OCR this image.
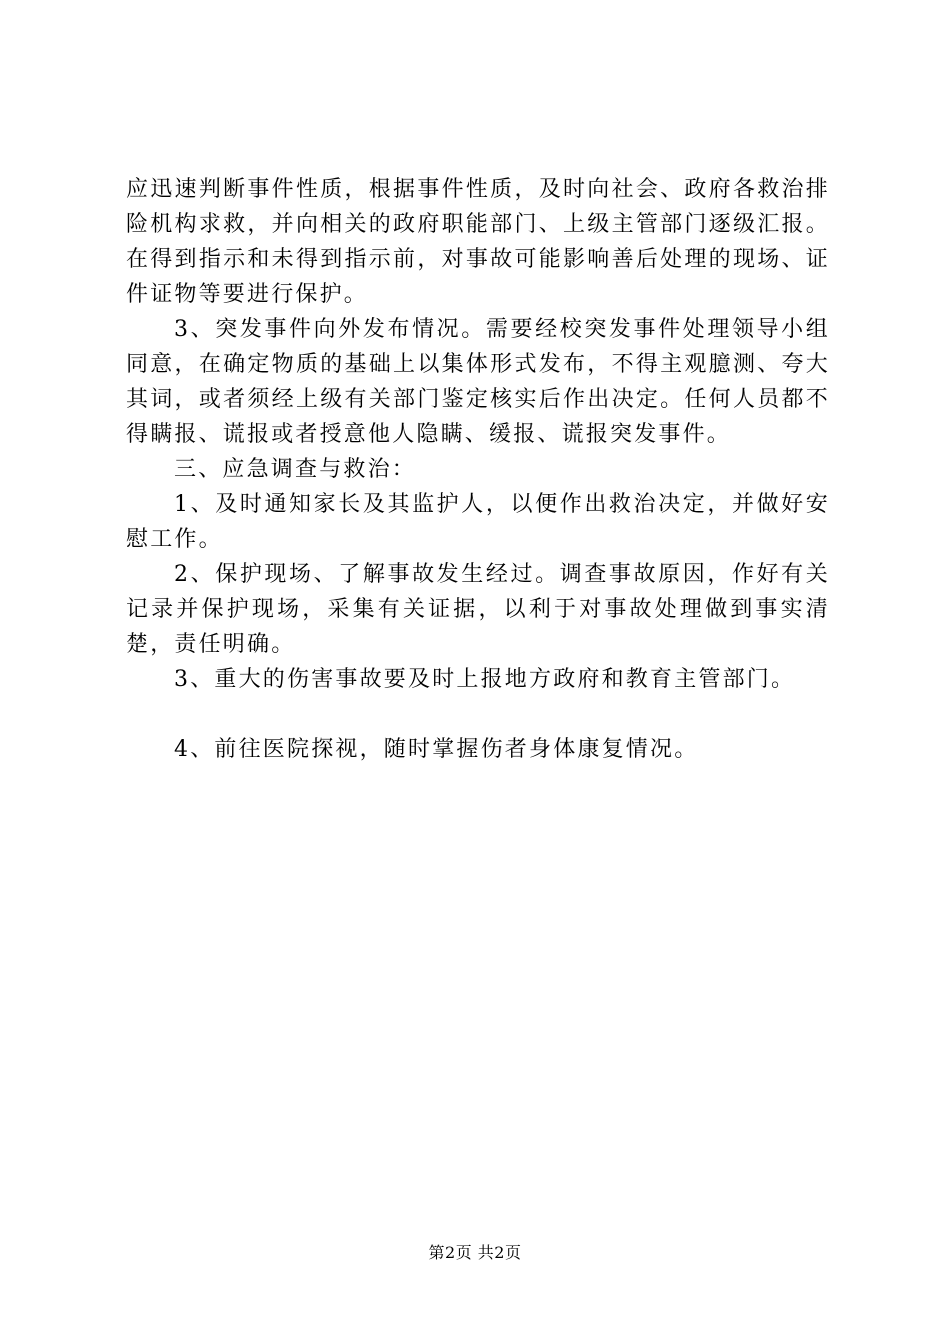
应迅速判断事件性质，根据事件性质，及时向社会、政府各救治排险机构求救，并向相关的政府职能部门、上级主管部门逐级汇报。在得到指示和未得到指示前，对事故可能影响善后处理的现场、证件证物等要进行保护。

3、突发事件向外发布情况。需要经校突发事件处理领导小组同意，在确定物质的基础上以集体形式发布，不得主观臆测、夸大其词，或者须经上级有关部门鉴定核实后作出决定。任何人员都不得瞒报、谎报或者授意他人隐瞒、缓报、谎报突发事件。

三、应急调查与救治：

1、及时通知家长及其监护人，以便作出救治决定，并做好安慰工作。

2、保护现场、了解事故发生经过。调查事故原因，作好有关记录并保护现场，采集有关证据，以利于对事故处理做到事实清楚，责任明确。

3、重大的伤害事故要及时上报地方政府和教育主管部门。

4、前往医院探视，随时掌握伤者身体康复情况。

第2页 共2页
